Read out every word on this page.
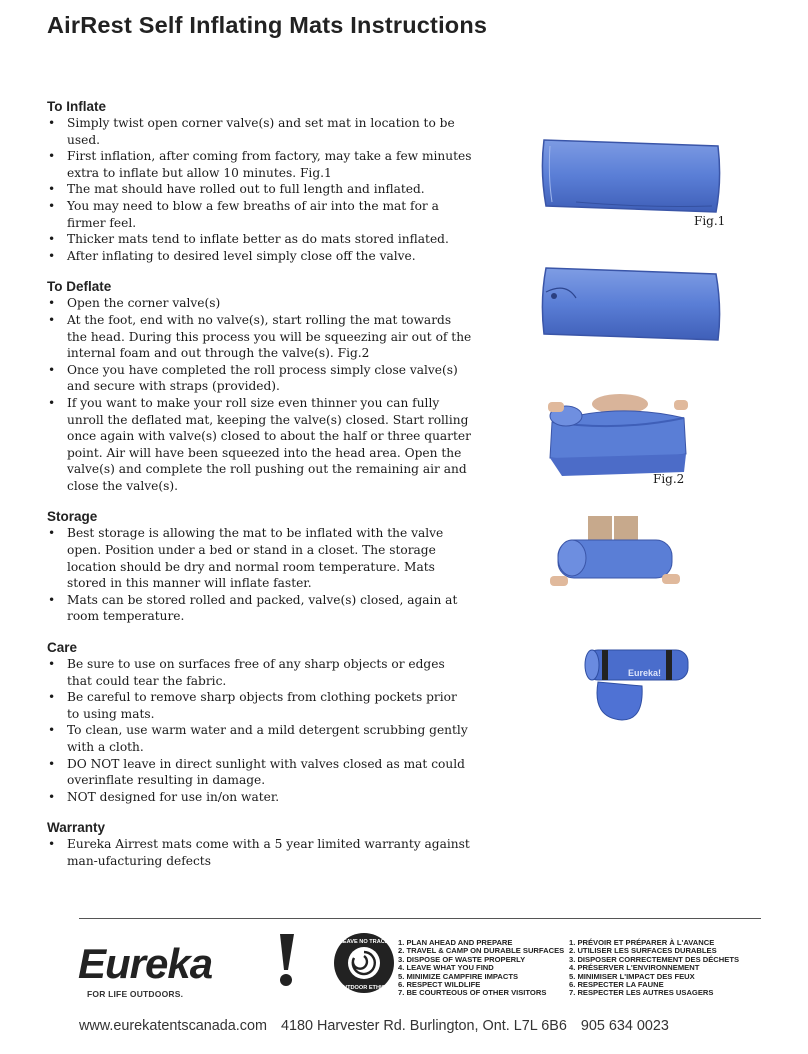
AirRest Self Inflating Mats Instructions
To Inflate
• Simply twist open corner valve(s) and set mat in location to be used.
• First inflation, after coming from factory, may take a few minutes extra to inflate but allow 10 minutes. Fig.1
• The mat should have rolled out to full length and inflated.
• You may need to blow a few breaths of air into the mat for a firmer feel.
• Thicker mats tend to inflate better as do mats stored inflated.
• After inflating to desired level simply close off the valve.
To Deflate
• Open the corner valve(s)
• At the foot, end with no valve(s), start rolling the mat towards the head. During this process you will be squeezing air out of the internal foam and out through the valve(s). Fig.2
• Once you have completed the roll process simply close valve(s) and secure with straps (provided).
• If you want to make your roll size even thinner you can fully unroll the deflated mat, keeping the valve(s) closed. Start rolling once again with valve(s) closed to about the half or three quarter point. Air will have been squeezed into the head area. Open the valve(s) and complete the roll pushing out the remaining air and close the valve(s).
Storage
• Best storage is allowing the mat to be inflated with the valve open. Position under a bed or stand in a closet. The storage location should be dry and normal room temperature. Mats stored in this manner will inflate faster.
• Mats can be stored rolled and packed, valve(s) closed, again at room temperature.
Care
• Be sure to use on surfaces free of any sharp objects or edges that could tear the fabric.
• Be careful to remove sharp objects from clothing pockets prior to using mats.
• To clean, use warm water and a mild detergent scrubbing gently with a cloth.
• DO NOT leave in direct sunlight with valves closed as mat could overinflate resulting in damage.
• NOT designed for use in/on water.
Warranty
• Eureka Airrest mats come with a 5 year limited warranty against man-ufacturing defects
Fig.1
Fig.2
Eureka!
Eureka
FOR LIFE OUTDOORS.
LEAVE NO TRACE
OUTDOOR ETHICS
1. PLAN AHEAD AND PREPARE
2. TRAVEL & CAMP ON DURABLE SURFACES
3. DISPOSE OF WASTE PROPERLY
4. LEAVE WHAT YOU FIND
5. MINIMIZE CAMPFIRE IMPACTS
6. RESPECT WILDLIFE
7. BE COURTEOUS OF OTHER VISITORS
1. PRÉVOIR ET PRÉPARER À L'AVANCE
2. UTILISER LES SURFACES DURABLES
3. DISPOSER CORRECTEMENT DES DÉCHETS
4. PRÉSERVER L'ENVIRONNEMENT
5. MINIMISER L'IMPACT DES FEUX
6. RESPECTER LA FAUNE
7. RESPECTER LES AUTRES USAGERS
www.eurekatentscanada.com 4180 Harvester Rd. Burlington, Ont. L7L 6B6 905 634 0023
